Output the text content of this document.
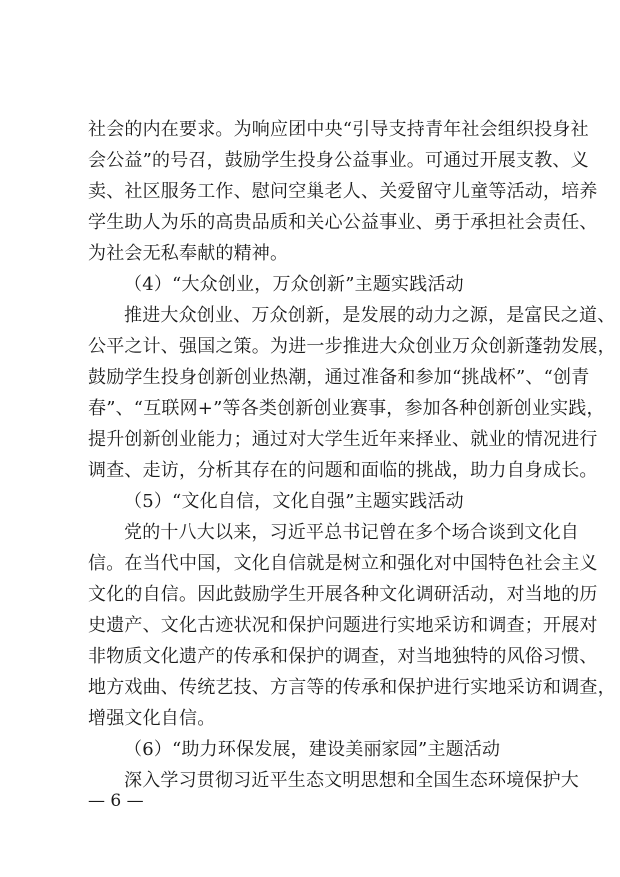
社会的内在要求。为响应团中央“引导支持青年社会组织投身社
会公益”的号召，鼓励学生投身公益事业。可通过开展支教、义
卖、社区服务工作、慰问空巢老人、关爱留守儿童等活动，培养
学生助人为乐的高贵品质和关心公益事业、勇于承担社会责任、
为社会无私奉献的精神。
（4）“大众创业，万众创新”主题实践活动
推进大众创业、万众创新，是发展的动力之源，是富民之道、
公平之计、强国之策。为进一步推进大众创业万众创新蓬勃发展，
鼓励学生投身创新创业热潮，通过准备和参加“挑战杯”、“创青
春”、“互联网+”等各类创新创业赛事，参加各种创新创业实践，
提升创新创业能力；通过对大学生近年来择业、就业的情况进行
调查、走访，分析其存在的问题和面临的挑战，助力自身成长。
（5）“文化自信，文化自强”主题实践活动
党的十八大以来，习近平总书记曾在多个场合谈到文化自
信。在当代中国，文化自信就是树立和强化对中国特色社会主义
文化的自信。因此鼓励学生开展各种文化调研活动，对当地的历
史遗产、文化古迹状况和保护问题进行实地采访和调查；开展对
非物质文化遗产的传承和保护的调查，对当地独特的风俗习惯、
地方戏曲、传统艺技、方言等的传承和保护进行实地采访和调查，
增强文化自信。
（6）“助力环保发展，建设美丽家园”主题活动
深入学习贯彻习近平生态文明思想和全国生态环境保护大
— 6 —
